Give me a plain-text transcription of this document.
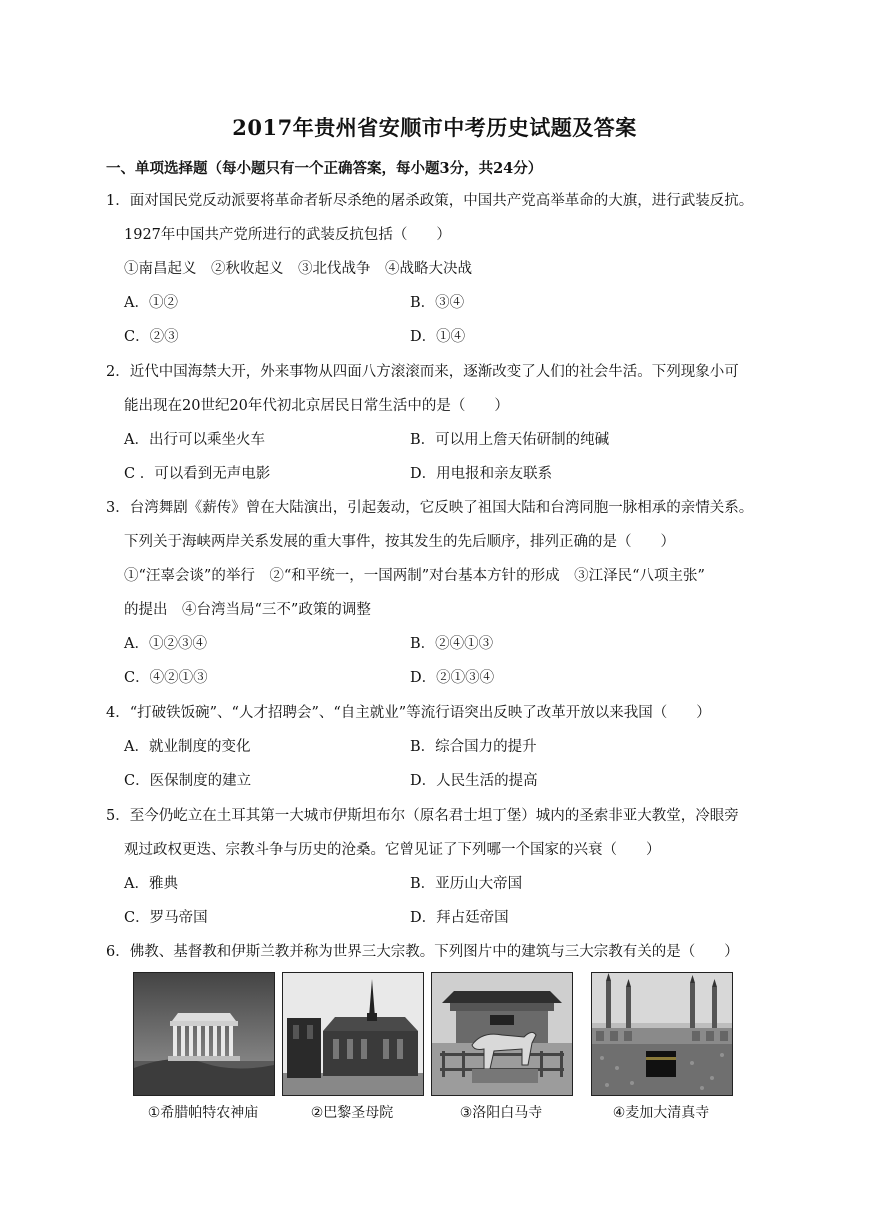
2017年贵州省安顺市中考历史试题及答案
一、单项选择题（每小题只有一个正确答案，每小题3分，共24分）
1．面对国民党反动派要将革命者斩尽杀绝的屠杀政策，中国共产党高举革命的大旗，进行武装反抗。
1927年中国共产党所进行的武装反抗包括（　　）
①南昌起义　②秋收起义　③北伐战争　④战略大决战
A．①②	B．③④
C．②③	D．①④
2．近代中国海禁大开，外来事物从四面八方滚滚而来，逐渐改变了人们的社会牛活。下列现象小可
能出现在20世纪20年代初北京居民日常生活中的是（　　）
A．出行可以乘坐火车	B．可以用上詹天佑研制的纯碱
C ．可以看到无声电影	D．用电报和亲友联系
3．台湾舞剧《薪传》曾在大陆演出，引起轰动，它反映了祖国大陆和台湾同胞一脉相承的亲情关系。
下列关于海峡两岸关系发展的重大事件，按其发生的先后顺序，排列正确的是（　　）
①“汪辜会谈”的举行　②“和平统一，一国两制”对台基本方针的形成　③江泽民“八项主张”
的提出　④台湾当局“三不”政策的调整
A．①②③④	B．②④①③
C．④②①③	D．②①③④
4．“打破铁饭碗”、“人才招聘会”、“自主就业”等流行语突出反映了改革开放以来我国（　　）
A．就业制度的变化	B．综合国力的提升
C．医保制度的建立	D．人民生活的提高
5．至今仍屹立在土耳其第一大城市伊斯坦布尔（原名君士坦丁堡）城内的圣索非亚大教堂，冷眼旁
观过政权更迭、宗教斗争与历史的沧桑。它曾见证了下列哪一个国家的兴衰（　　）
A．雅典	B．亚历山大帝国
C．罗马帝国	D．拜占廷帝国
6．佛教、基督教和伊斯兰教并称为世界三大宗教。下列图片中的建筑与三大宗教有关的是（　　）
①希腊帕特农神庙	②巴黎圣母院	③洛阳白马寺	④麦加大清真寺
